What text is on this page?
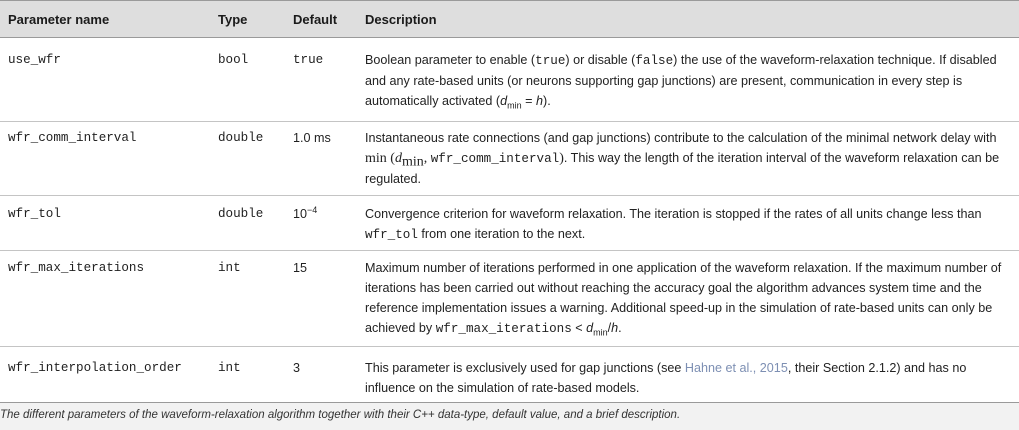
Parameter name	Type	Default Description
use_wfr	bool	true	Boolean parameter to enable (true) or disable (false) the use of the waveform-relaxation technique. If disabled and any rate-based units (or neurons supporting gap junctions) are present, communication in every step is automatically activated $(d_{min} = h)$.
wfr_comm_interval	double 1.0 ms	Instantaneous rate connections (and gap junctions) contribute to the calculation of the minimal network delay with $\min (d_{min}$, wfr_comm_interval). This way the length of the iteration interval of the waveform relaxation can be regulated.
wfr_tol	double $10^{-4}$	Convergence criterion for waveform relaxation. The iteration is stopped if the rates of all units change less than wfr_tol from one iteration to the next.
wfr_max_iterations	int	15	Maximum number of iterations performed in one application of the waveform relaxation. If the maximum number of iterations has been carried out without reaching the accuracy goal the algorithm advances system time and the reference implementation issues a warning. Additional speed-up in the simulation of rate-based units can only be achieved by wfr_max_iterations < $d_{min}/h$.
wfr_interpolation_order	int	3	This parameter is exclusively used for gap junctions (see Hahne et al., 2015, their Section 2.1.2) and has no influence on the simulation of rate-based models.
The different parameters of the waveform-relaxation algorithm together with their C++ data-type, default value, and a brief description.
